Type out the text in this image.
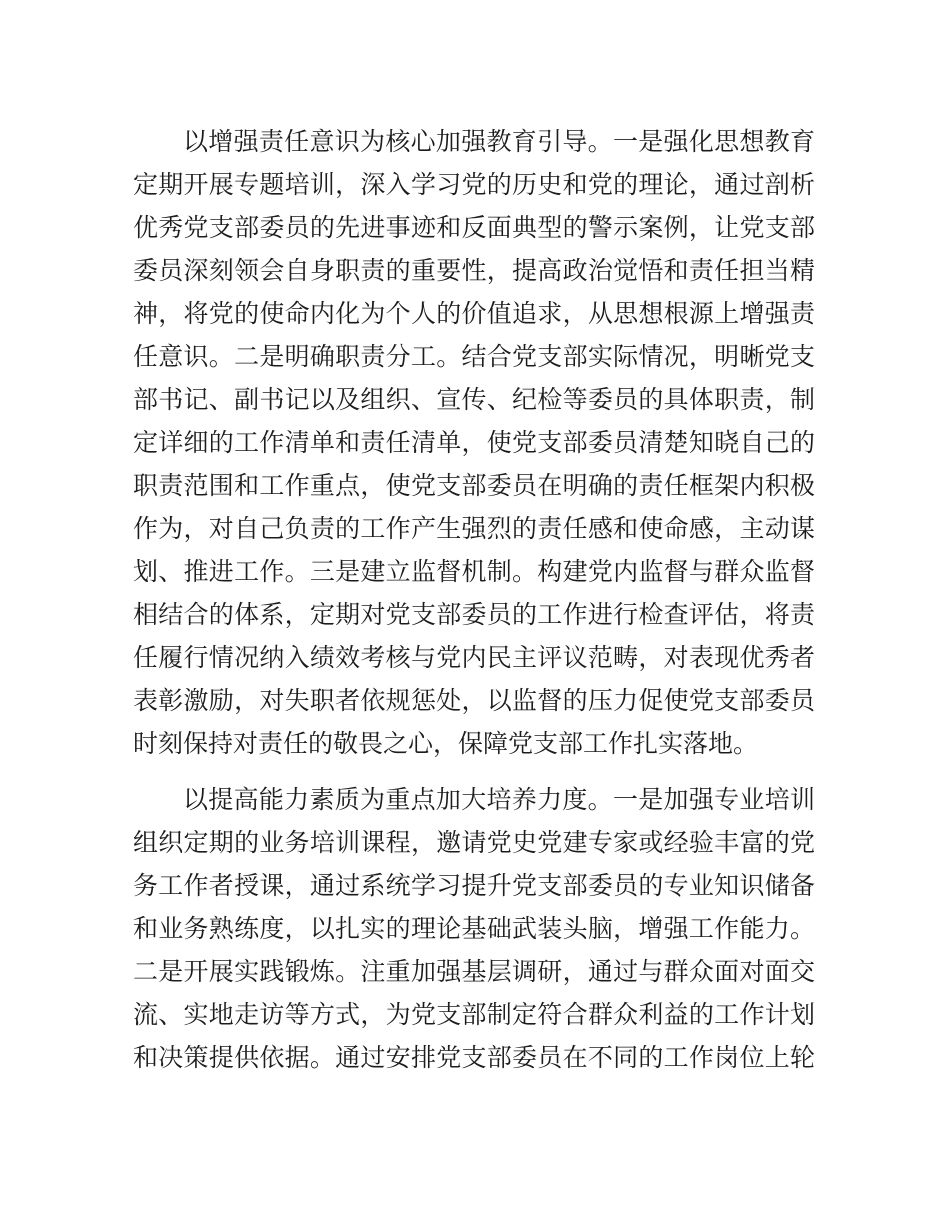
以增强责任意识为核心加强教育引导。一是强化思想教育
定期开展专题培训，深入学习党的历史和党的理论，通过剖析
优秀党支部委员的先进事迹和反面典型的警示案例，让党支部
委员深刻领会自身职责的重要性，提高政治觉悟和责任担当精
神，将党的使命内化为个人的价值追求，从思想根源上增强责
任意识。二是明确职责分工。结合党支部实际情况，明晰党支
部书记、副书记以及组织、宣传、纪检等委员的具体职责，制
定详细的工作清单和责任清单，使党支部委员清楚知晓自己的
职责范围和工作重点，使党支部委员在明确的责任框架内积极
作为，对自己负责的工作产生强烈的责任感和使命感，主动谋
划、推进工作。三是建立监督机制。构建党内监督与群众监督
相结合的体系，定期对党支部委员的工作进行检查评估，将责
任履行情况纳入绩效考核与党内民主评议范畴，对表现优秀者
表彰激励，对失职者依规惩处，以监督的压力促使党支部委员
时刻保持对责任的敬畏之心，保障党支部工作扎实落地。
以提高能力素质为重点加大培养力度。一是加强专业培训
组织定期的业务培训课程，邀请党史党建专家或经验丰富的党
务工作者授课，通过系统学习提升党支部委员的专业知识储备
和业务熟练度，以扎实的理论基础武装头脑，增强工作能力。
二是开展实践锻炼。注重加强基层调研，通过与群众面对面交
流、实地走访等方式，为党支部制定符合群众利益的工作计划
和决策提供依据。通过安排党支部委员在不同的工作岗位上轮
